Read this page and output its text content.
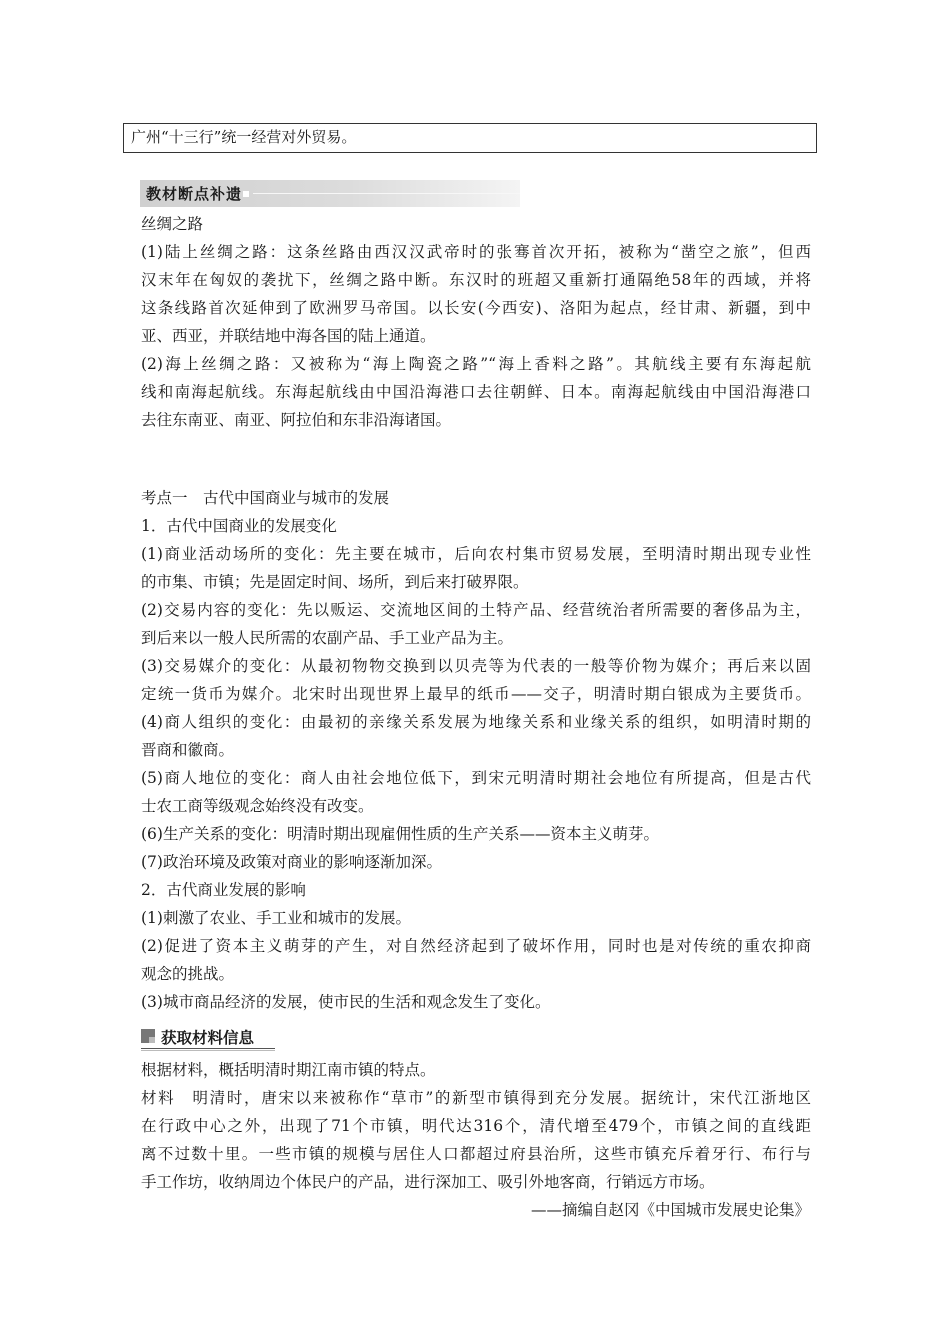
广州“十三行”统一经营对外贸易。
教材断点补遗
丝绸之路
(1)陆上丝绸之路：这条丝路由西汉汉武帝时的张骞首次开拓，被称为“凿空之旅”，但西
汉末年在匈奴的袭扰下，丝绸之路中断。东汉时的班超又重新打通隔绝58年的西域，并将
这条线路首次延伸到了欧洲罗马帝国。以长安(今西安)、洛阳为起点，经甘肃、新疆，到中
亚、西亚，并联结地中海各国的陆上通道。
(2)海上丝绸之路：又被称为“海上陶瓷之路”“海上香料之路”。其航线主要有东海起航
线和南海起航线。东海起航线由中国沿海港口去往朝鲜、日本。南海起航线由中国沿海港口
去往东南亚、南亚、阿拉伯和东非沿海诸国。
考点一　古代中国商业与城市的发展
1．古代中国商业的发展变化
(1)商业活动场所的变化：先主要在城市，后向农村集市贸易发展，至明清时期出现专业性
的市集、市镇；先是固定时间、场所，到后来打破界限。
(2)交易内容的变化：先以贩运、交流地区间的土特产品、经营统治者所需要的奢侈品为主，
到后来以一般人民所需的农副产品、手工业产品为主。
(3)交易媒介的变化：从最初物物交换到以贝壳等为代表的一般等价物为媒介；再后来以固
定统一货币为媒介。北宋时出现世界上最早的纸币——交子，明清时期白银成为主要货币。
(4)商人组织的变化：由最初的亲缘关系发展为地缘关系和业缘关系的组织，如明清时期的
晋商和徽商。
(5)商人地位的变化：商人由社会地位低下，到宋元明清时期社会地位有所提高，但是古代
士农工商等级观念始终没有改变。
(6)生产关系的变化：明清时期出现雇佣性质的生产关系——资本主义萌芽。
(7)政治环境及政策对商业的影响逐渐加深。
2．古代商业发展的影响
(1)刺激了农业、手工业和城市的发展。
(2)促进了资本主义萌芽的产生，对自然经济起到了破坏作用，同时也是对传统的重农抑商
观念的挑战。
(3)城市商品经济的发展，使市民的生活和观念发生了变化。
获取材料信息
根据材料，概括明清时期江南市镇的特点。
材料　明清时，唐宋以来被称作“草市”的新型市镇得到充分发展。据统计，宋代江浙地区
在行政中心之外，出现了71个市镇，明代达316个，清代增至479个，市镇之间的直线距
离不过数十里。一些市镇的规模与居住人口都超过府县治所，这些市镇充斥着牙行、布行与
手工作坊，收纳周边个体民户的产品，进行深加工、吸引外地客商，行销远方市场。
——摘编自赵冈《中国城市发展史论集》
